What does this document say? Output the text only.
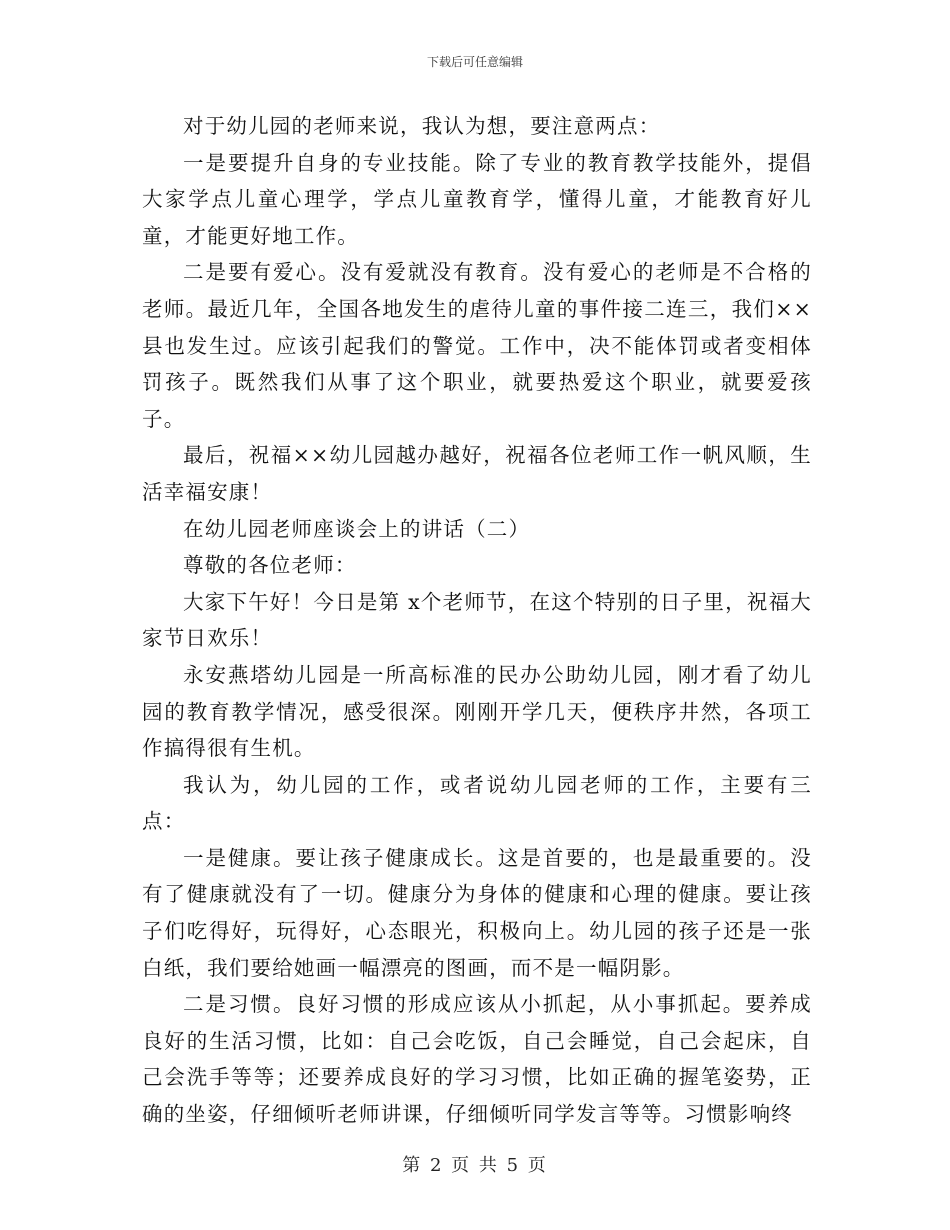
下载后可任意编辑

对于幼儿园的老师来说，我认为想，要注意两点：

一是要提升自身的专业技能。除了专业的教育教学技能外，提倡大家学点儿童心理学，学点儿童教育学，懂得儿童，才能教育好儿童，才能更好地工作。

二是要有爱心。没有爱就没有教育。没有爱心的老师是不合格的老师。最近几年，全国各地发生的虐待儿童的事件接二连三，我们××县也发生过。应该引起我们的警觉。工作中，决不能体罚或者变相体罚孩子。既然我们从事了这个职业，就要热爱这个职业，就要爱孩子。

最后，祝福××幼儿园越办越好，祝福各位老师工作一帆风顺，生活幸福安康！

在幼儿园老师座谈会上的讲话（二）

尊敬的各位老师：

大家下午好！今日是第 x个老师节，在这个特别的日子里，祝福大家节日欢乐！

永安燕塔幼儿园是一所高标准的民办公助幼儿园，刚才看了幼儿园的教育教学情况，感受很深。刚刚开学几天，便秩序井然，各项工作搞得很有生机。

我认为，幼儿园的工作，或者说幼儿园老师的工作，主要有三点：

一是健康。要让孩子健康成长。这是首要的，也是最重要的。没有了健康就没有了一切。健康分为身体的健康和心理的健康。要让孩子们吃得好，玩得好，心态眼光，积极向上。幼儿园的孩子还是一张白纸，我们要给她画一幅漂亮的图画，而不是一幅阴影。

二是习惯。良好习惯的形成应该从小抓起，从小事抓起。要养成良好的生活习惯，比如：自己会吃饭，自己会睡觉，自己会起床，自己会洗手等等；还要养成良好的学习习惯，比如正确的握笔姿势，正确的坐姿，仔细倾听老师讲课，仔细倾听同学发言等等。习惯影响终

第 2 页 共 5 页
